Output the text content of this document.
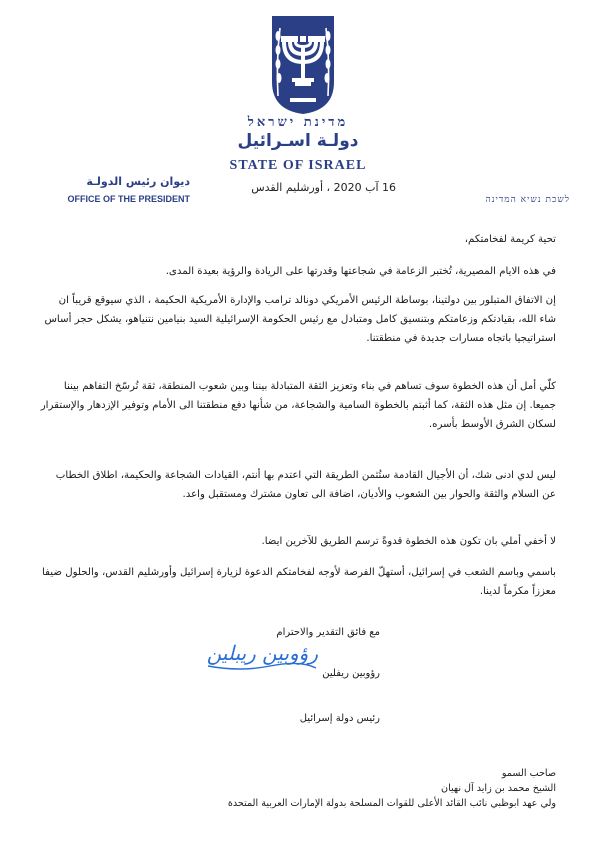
מדינת ישראל
دولـة اسـرائيل
STATE OF ISRAEL
ديوان رئيس الدولـة
OFFICE OF THE PRESIDENT	לשכת נשיא המדינה
16 آب 2020 ، أورشليم القدس
تحية كريمة لفخامتكم،
في هذه الايام المصيرية، تُختبر الزعامة في شجاعتها وقدرتها على الريادة والرؤية بعيدة المدى.
إن الاتفاق المتبلور بين دولتينا، بوساطة الرئيس الأمريكي دونالد ترامب والإدارة الأمريكية الحكيمة ، الذي سيوقع قريباً ان شاء الله، بقيادتكم وزعامتكم وبتنسيق كامل ومتبادل مع رئيس الحكومة الإسرائيلية السيد بنيامين نتنياهو، يشكل حجر أساس استراتيجيا باتجاه مسارات جديدة في منطقتنا.
كلّي أمل أن هذه الخطوة سوف تساهم في بناء وتعزيز الثقة المتبادلة بيننا وبين شعوب المنطقة، ثقة تُرسّخ التفاهم بيننا جميعا. إن مثل هذه الثقة، كما أثبتم بالخطوة السامية والشجاعة، من شأنها دفع منطقتنا الى الأمام وتوفير الإزدهار والإستقرار لسكان الشرق الأوسط بأسره.
ليس لدي ادنى شك، أن الأجيال القادمة ستُثمن الطريقة التي اعتدم بها أنتم، القيادات الشجاعة والحكيمة، اطلاق الخطاب عن السلام والثقة والحوار بين الشعوب والأديان، اضافة الى تعاون مشترك ومستقبل واعد.
لا أخفي أملي بان تكون هذه الخطوة قدوةً ترسم الطريق للآخرين ايضا.
باسمي وباسم الشعب في إسرائيل، أستهلّ الفرصة لأوجه لفخامتكم الدعوة لزيارة إسرائيل وأورشليم القدس، والحلول ضيفا معززاً مكرماً لدينا.
مع فائق التقدير والاحترام
رؤوبين ريبلين
رؤوبين ريفلين
رئيس دولة إسرائيل
صاحب السمو
الشيخ محمد بن زايد آل نهيان
ولي عهد ابوظبي نائب القائد الأعلى للقوات المسلحة بدولة الإمارات العربية المتحدة
